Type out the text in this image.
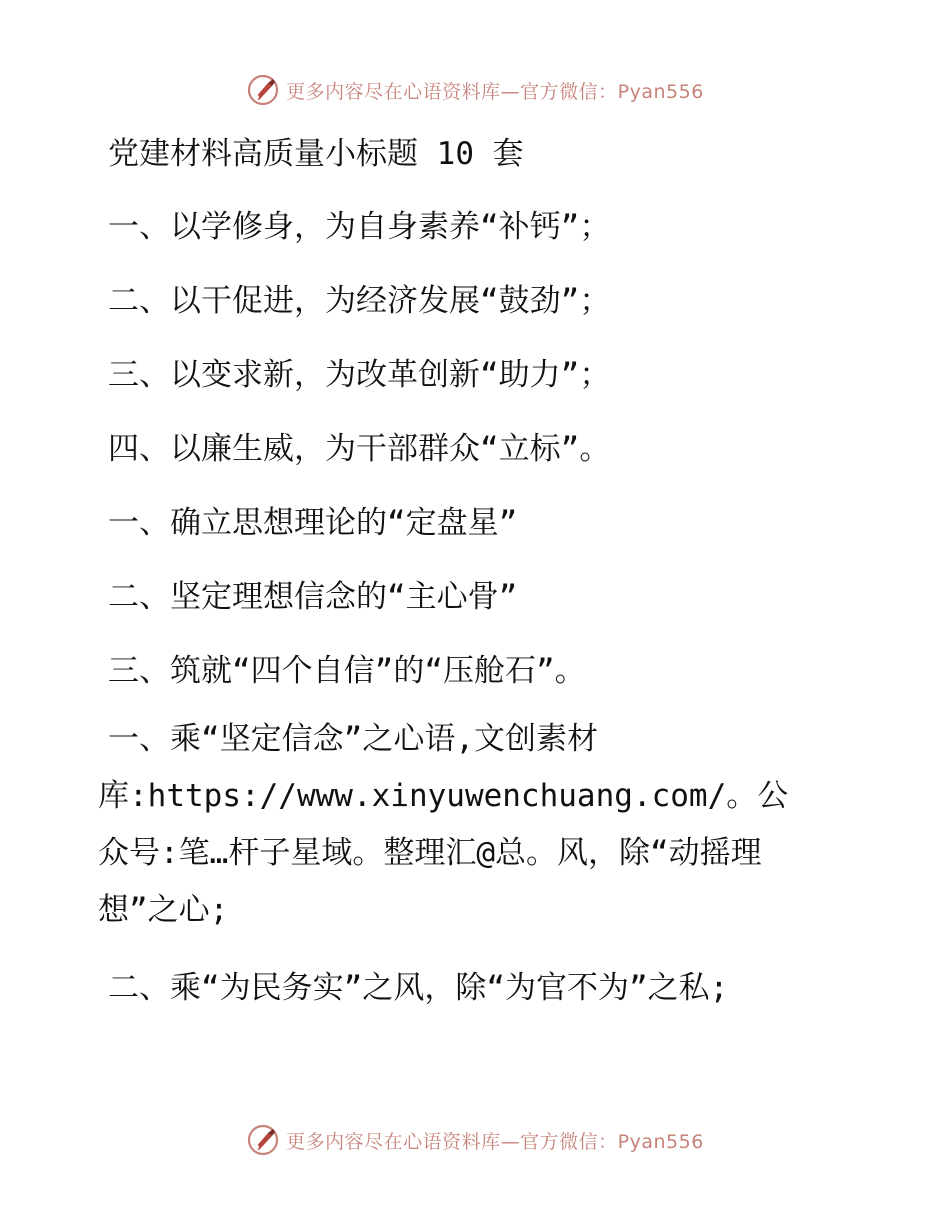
更多内容尽在心语资料库—官方微信：Pyan556
党建材料高质量小标题 10 套
一、以学修身，为自身素养“补钙”；
二、以干促进，为经济发展“鼓劲”；
三、以变求新，为改革创新“助力”；
四、以廉生威，为干部群众“立标”。
一、确立思想理论的“定盘星”
二、坚定理想信念的“主心骨”
三、筑就“四个自信”的“压舱石”。
一、乘“坚定信念”之心语,文创素材库:https://www.xinyuwenchuang.com/。公众号:笔…杆子星域。整理汇@总。风，除“动摇理想”之心;
二、乘“为民务实”之风，除“为官不为”之私;
更多内容尽在心语资料库—官方微信：Pyan556
